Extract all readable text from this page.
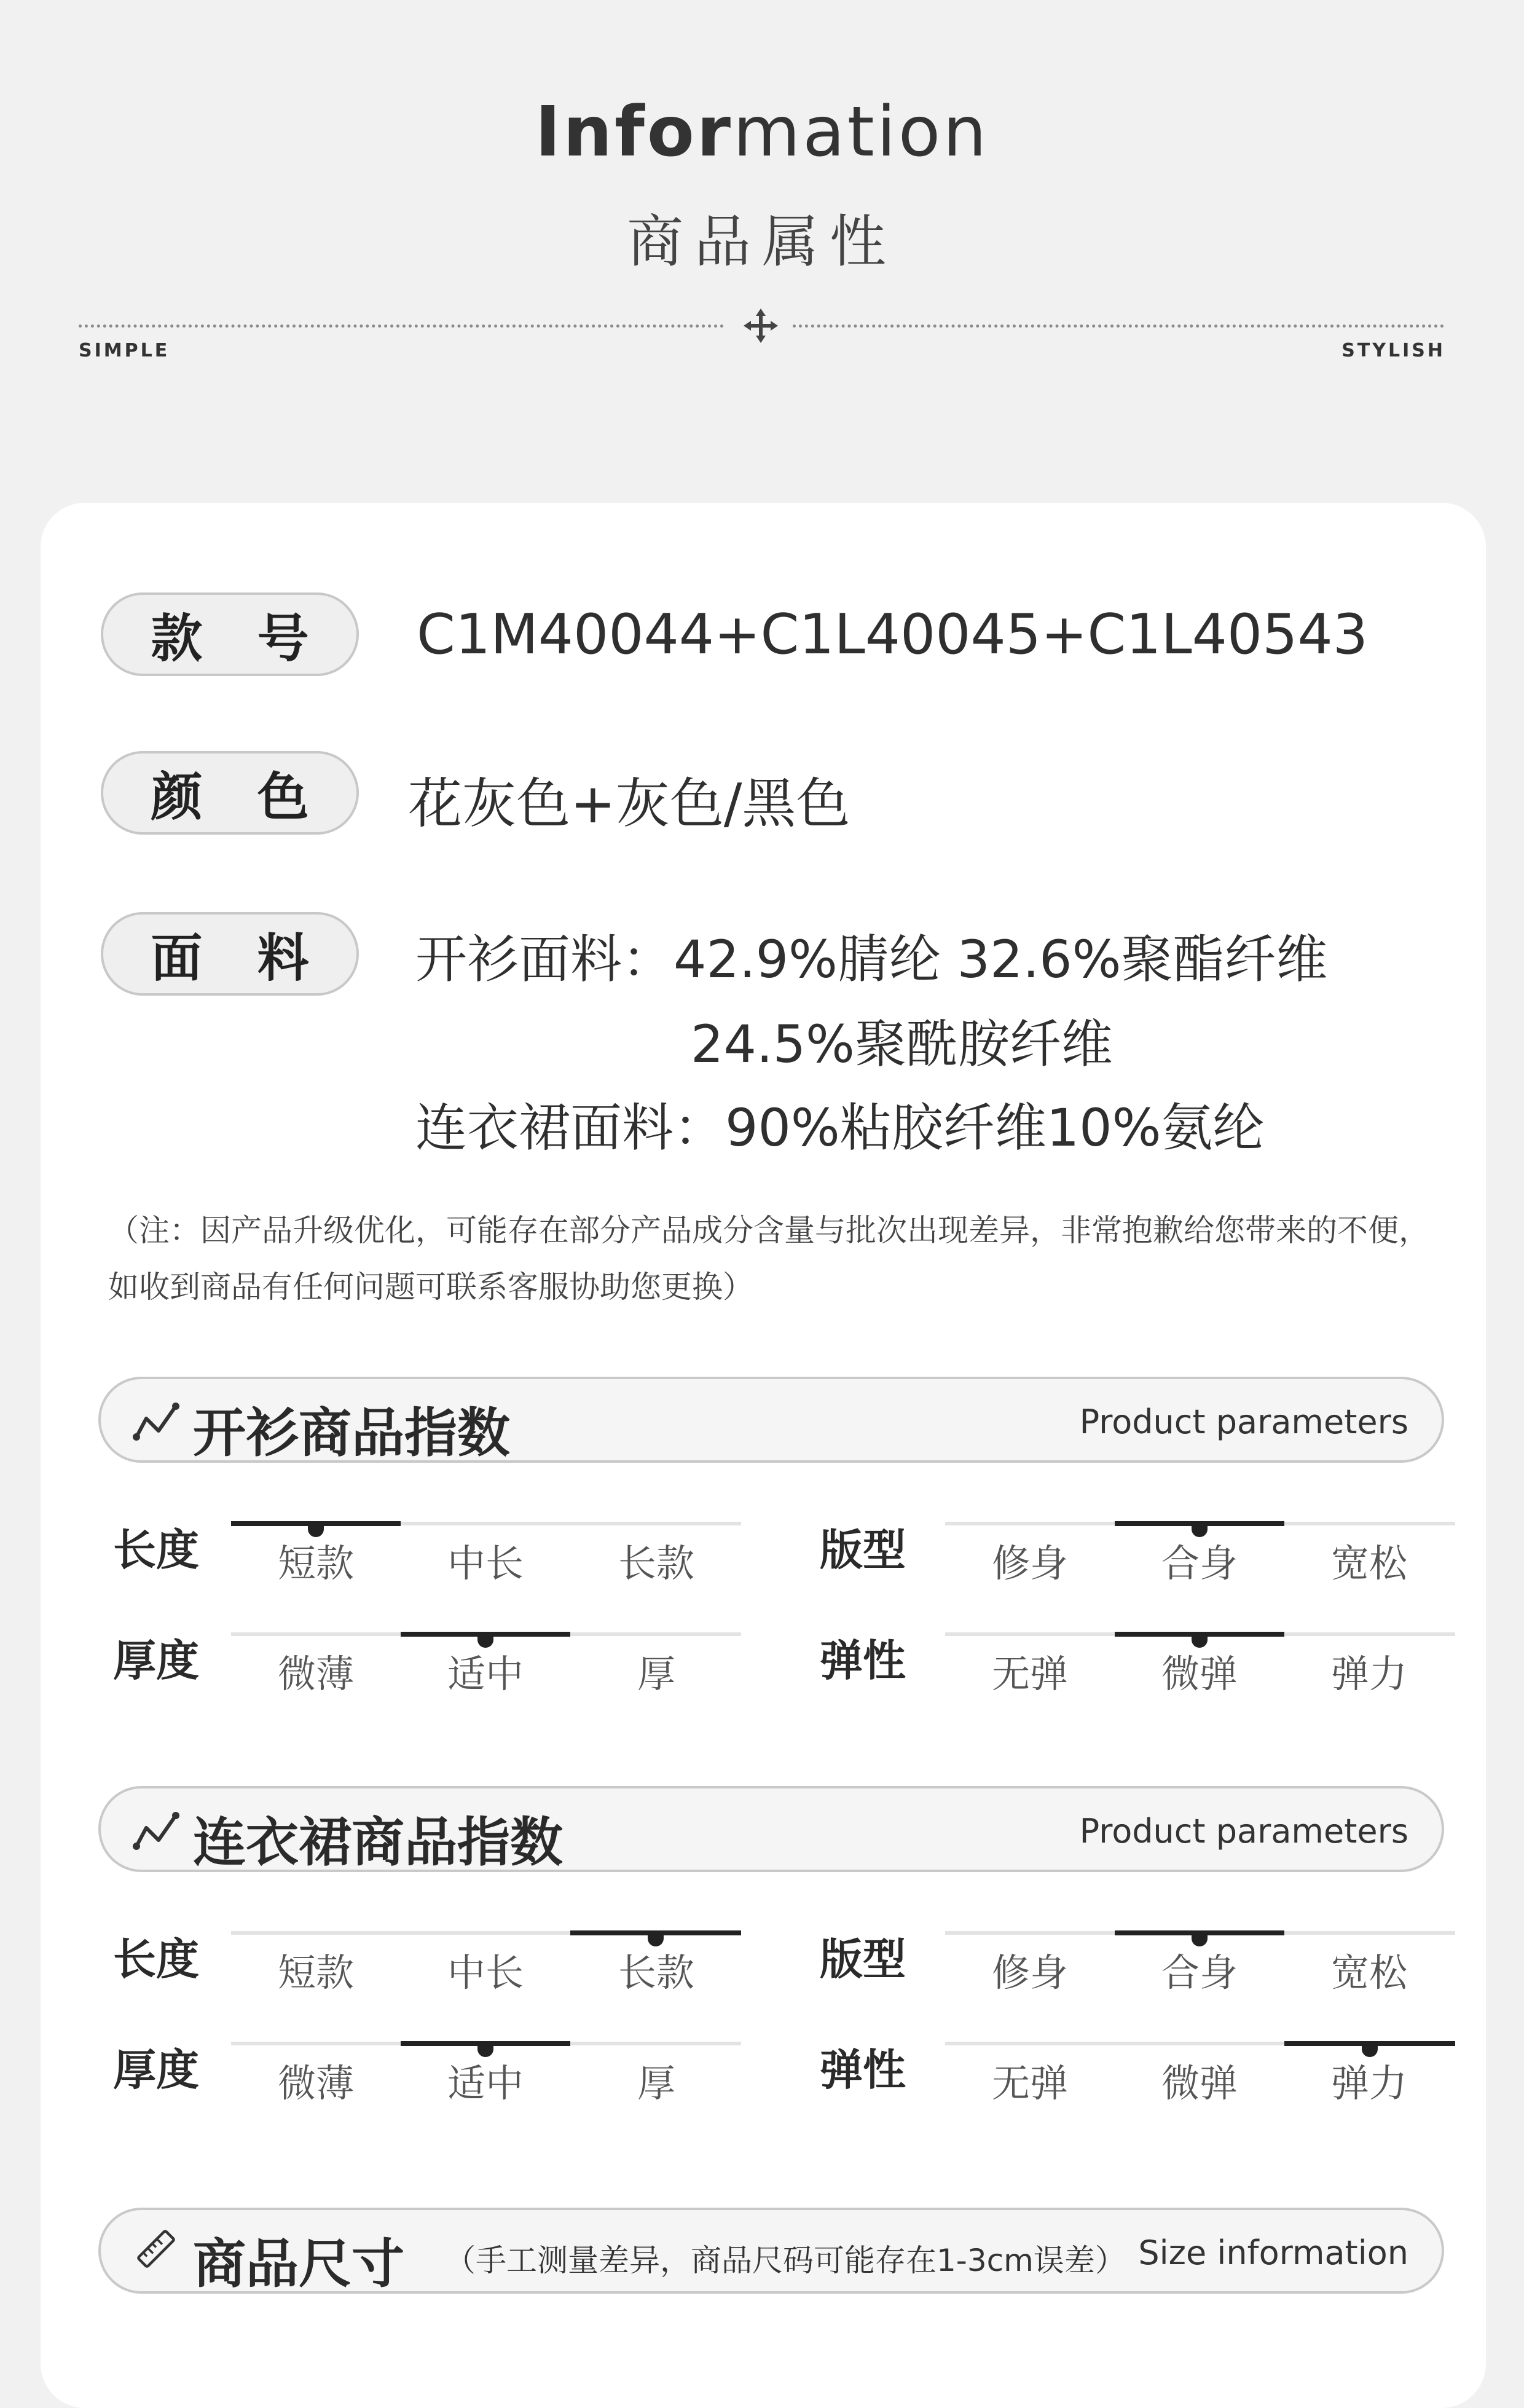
Information
商品属性
SIMPLE	STYLISH
款 号	C1M40044+C1L40045+C1L40543
颜 色	花灰色+灰色/黑色
面 料	开衫面料：42.9%腈纶 32.6%聚酯纤维
24.5%聚酰胺纤维
连衣裙面料：90%粘胶纤维10%氨纶
（注：因产品升级优化，可能存在部分产品成分含量与批次出现差异，非常抱歉给您带来的不便，
如收到商品有任何问题可联系客服协助您更换）
开衫商品指数	Product parameters
长度	短款	中长	长款	版型	修身	合身	宽松
厚度	微薄	适中	厚	弹性	无弹	微弹	弹力
连衣裙商品指数	Product parameters
长度	短款	中长	长款	版型	修身	合身	宽松
厚度	微薄	适中	厚	弹性	无弹	微弹	弹力
商品尺寸 （手工测量差异，商品尺码可能存在1-3cm误差） Size information
